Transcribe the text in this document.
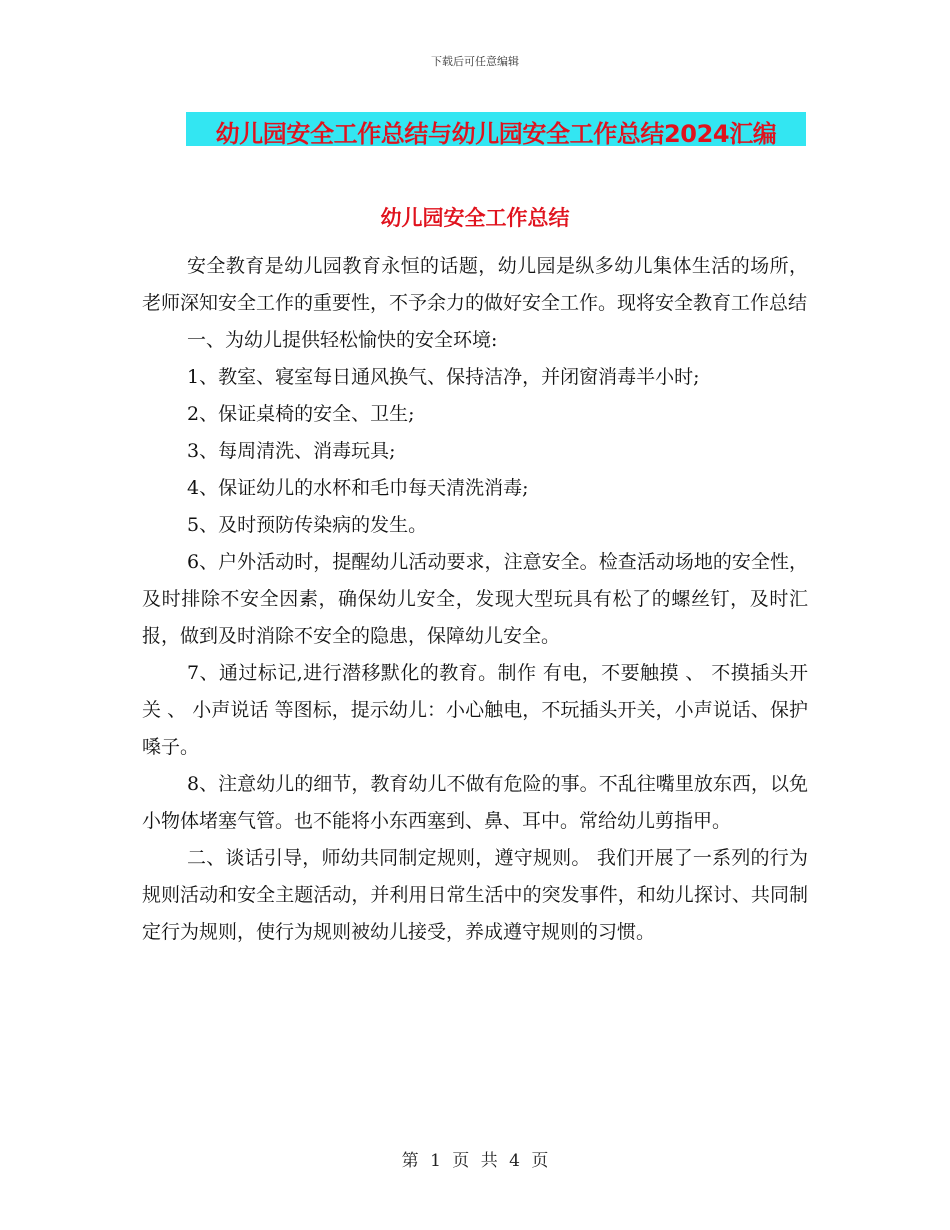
下载后可任意编辑
幼儿园安全工作总结与幼儿园安全工作总结2024汇编
幼儿园安全工作总结

安全教育是幼儿园教育永恒的话题，幼儿园是纵多幼儿集体生活的场所，老师深知安全工作的重要性，不予余力的做好安全工作。现将安全教育工作总结

一、为幼儿提供轻松愉快的安全环境:

1、教室、寝室每日通风换气、保持洁净，并闭窗消毒半小时;

2、保证桌椅的安全、卫生;

3、每周清洗、消毒玩具;

4、保证幼儿的水杯和毛巾每天清洗消毒;

5、及时预防传染病的发生。

6、户外活动时，提醒幼儿活动要求，注意安全。检查活动场地的安全性，及时排除不安全因素，确保幼儿安全，发现大型玩具有松了的螺丝钉，及时汇报，做到及时消除不安全的隐患，保障幼儿安全。

7、通过标记,进行潜移默化的教育。制作 有电，不要触摸 、 不摸插头开关 、 小声说话 等图标，提示幼儿：小心触电，不玩插头开关，小声说话、保护嗓子。

8、注意幼儿的细节，教育幼儿不做有危险的事。不乱往嘴里放东西，以免小物体堵塞气管。也不能将小东西塞到、鼻、耳中。常给幼儿剪指甲。

二、谈话引导，师幼共同制定规则，遵守规则。 我们开展了一系列的行为规则活动和安全主题活动，并利用日常生活中的突发事件，和幼儿探讨、共同制定行为规则，使行为规则被幼儿接受，养成遵守规则的习惯。

第 1 页 共 4 页
